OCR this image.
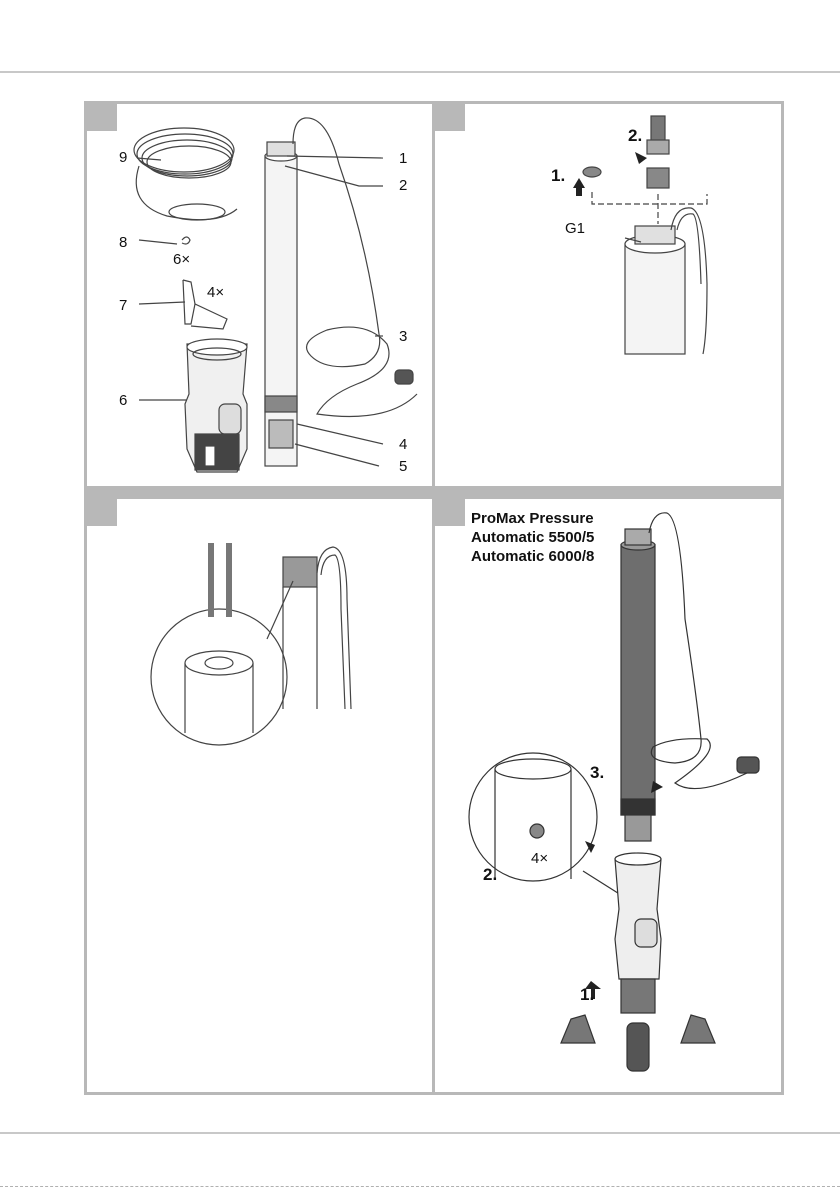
9
8
6×
7
4×
6
1
2
3
4
5
1.
2.
G1
ProMax Pressure
Automatic 5500/5
Automatic 6000/8
3.
2.
4×
1.
